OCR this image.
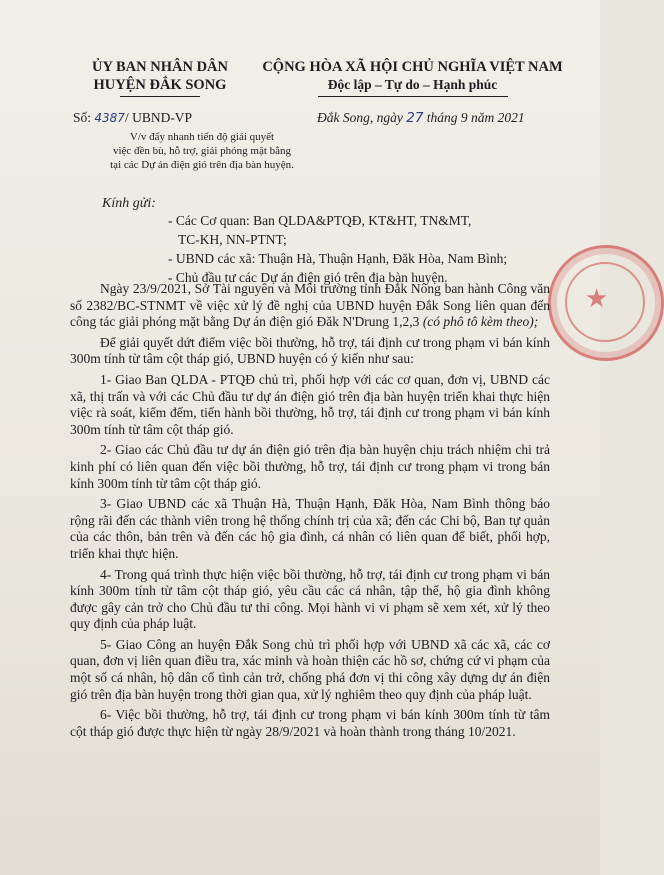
ỦY BAN NHÂN DÂN
HUYỆN ĐẮK SONG
CỘNG HÒA XÃ HỘI CHỦ NGHĨA VIỆT NAM
Độc lập – Tự do – Hạnh phúc
Số: 4387/ UBND-VP	Đắk Song, ngày 27 tháng 9 năm 2021
V/v đẩy nhanh tiến độ giải quyết
việc đền bù, hỗ trợ, giải phóng mặt bằng
tại các Dự án điện gió trên địa bàn huyện.
Kính gửi:
- Các Cơ quan: Ban QLDA&PTQĐ, KT&HT, TN&MT,
TC-KH, NN-PTNT;
- UBND các xã: Thuận Hà, Thuận Hạnh, Đăk Hòa, Nam Bình;
- Chủ đầu tư các Dự án điện gió trên địa bàn huyện.
★

Ngày 23/9/2021, Sở Tài nguyên và Môi trường tỉnh Đắk Nông ban hành Công văn số 2382/BC-STNMT về việc xử lý đề nghị của UBND huyện Đắk Song liên quan đến công tác giải phóng mặt bằng Dự án điện gió Đăk N'Drung 1,2,3 (có phô tô kèm theo);

Để giải quyết dứt điểm việc bồi thường, hỗ trợ, tái định cư trong phạm vi bán kính 300m tính từ tâm cột tháp gió, UBND huyện có ý kiến như sau:

1- Giao Ban QLDA - PTQĐ chủ trì, phối hợp với các cơ quan, đơn vị, UBND các xã, thị trấn và với các Chủ đầu tư dự án điện gió trên địa bàn huyện triển khai thực hiện việc rà soát, kiểm đếm, tiến hành bồi thường, hỗ trợ, tái định cư trong phạm vi bán kính 300m tính từ tâm cột tháp gió.

2- Giao các Chủ đầu tư dự án điện gió trên địa bàn huyện chịu trách nhiệm chi trả kinh phí có liên quan đến việc bồi thường, hỗ trợ, tái định cư trong phạm vi trong bán kính 300m tính từ tâm cột tháp gió.

3- Giao UBND các xã Thuận Hà, Thuận Hạnh, Đăk Hòa, Nam Bình thông báo rộng rãi đến các thành viên trong hệ thống chính trị của xã; đến các Chi bộ, Ban tự quản của các thôn, bản trên và đến các hộ gia đình, cá nhân có liên quan để biết, phối hợp, triển khai thực hiện.

4- Trong quá trình thực hiện việc bồi thường, hỗ trợ, tái định cư trong phạm vi bán kính 300m tính từ tâm cột tháp gió, yêu cầu các cá nhân, tập thể, hộ gia đình không được gây cản trở cho Chủ đầu tư thi công. Mọi hành vi vi phạm sẽ xem xét, xử lý theo quy định của pháp luật.

5- Giao Công an huyện Đắk Song chủ trì phối hợp với UBND xã các xã, các cơ quan, đơn vị liên quan điều tra, xác minh và hoàn thiện các hồ sơ, chứng cứ vi phạm của một số cá nhân, hộ dân cố tình cản trở, chống phá đơn vị thi công xây dựng dự án điện gió trên địa bàn huyện trong thời gian qua, xử lý nghiêm theo quy định của pháp luật.

6- Việc bồi thường, hỗ trợ, tái định cư trong phạm vi bán kính 300m tính từ tâm cột tháp gió được thực hiện từ ngày 28/9/2021 và hoàn thành trong tháng 10/2021.
